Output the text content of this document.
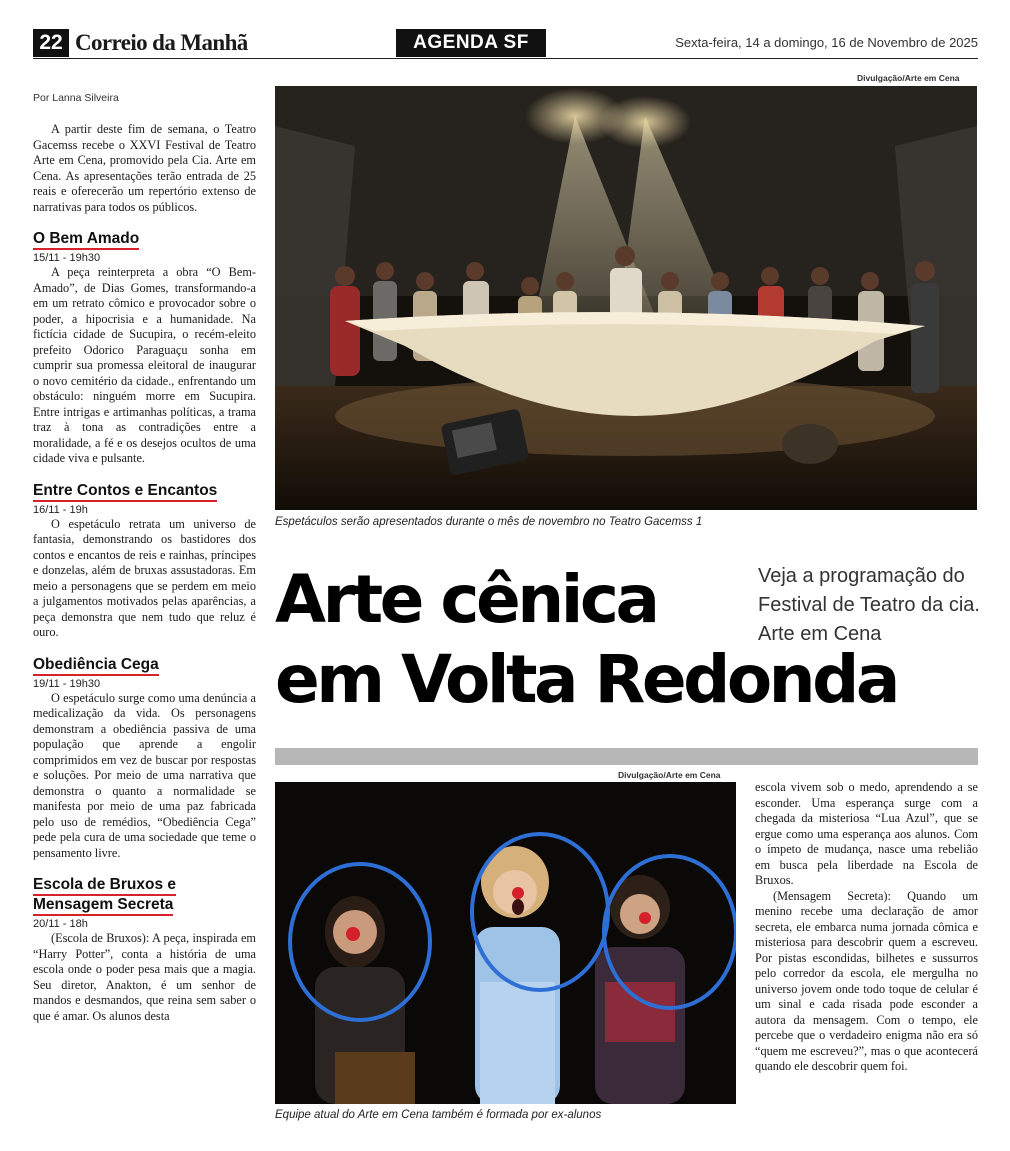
22 Correio da Manhã	AGENDA SF	Sexta-feira, 14 a domingo, 16 de Novembro de 2025
Por Lanna Silveira

A partir deste fim de semana, o Teatro Gacemss recebe o XXVI Festival de Teatro Arte em Cena, promovido pela Cia. Arte em Cena. As apresentações terão entrada de 25 reais e oferecerão um repertório extenso de narrativas para todos os públicos.

O Bem Amado
15/11 - 19h30

A peça reinterpreta a obra “O Bem-Amado”, de Dias Gomes, transformando-a em um retrato cômico e provocador sobre o poder, a hipocrisia e a humanidade. Na fictícia cidade de Sucupira, o recém-eleito prefeito Odorico Paraguaçu sonha em cumprir sua promessa eleitoral de inaugurar o novo cemitério da cidade., enfrentando um obstáculo: ninguém morre em Sucupira. Entre intrigas e artimanhas políticas, a trama traz à tona as contradições entre a moralidade, a fé e os desejos ocultos de uma cidade viva e pulsante.

Entre Contos e Encantos
16/11 - 19h

O espetáculo retrata um universo de fantasia, demonstrando os bastidores dos contos e encantos de reis e rainhas, príncipes e donzelas, além de bruxas assustadoras. Em meio a personagens que se perdem em meio a julgamentos motivados pelas aparências, a peça demonstra que nem tudo que reluz é ouro.

Obediência Cega
19/11 - 19h30

O espetáculo surge como uma denúncia a medicalização da vida. Os personagens demonstram a obediência passiva de uma população que aprende a engolir comprimidos em vez de buscar por respostas e soluções. Por meio de uma narrativa que demonstra o quanto a normalidade se manifesta por meio de uma paz fabricada pelo uso de remédios, “Obediência Cega” pede pela cura de uma sociedade que teme o pensamento livre.

Escola de Bruxos e
Mensagem Secreta
20/11 - 18h

(Escola de Bruxos): A peça, inspirada em “Harry Potter”, conta a história de uma escola onde o poder pesa mais que a magia. Seu diretor, Anakton, é um senhor de mandos e desmandos, que reina sem saber o que é amar. Os alunos desta

Divulgação/Arte em Cena
Espetáculos serão apresentados durante o mês de novembro no Teatro Gacemss 1
Arte cênica
em Volta Redonda
Veja a programação do Festival de Teatro da cia. Arte em Cena
Divulgação/Arte em Cena
Equipe atual do Arte em Cena também é formada por ex-alunos

escola vivem sob o medo, aprendendo a se esconder. Uma esperança surge com a chegada da misteriosa “Lua Azul”, que se ergue como uma esperança aos alunos. Com o ímpeto de mudança, nasce uma rebelião em busca pela liberdade na Escola de Bruxos.

(Mensagem Secreta): Quando um menino recebe uma declaração de amor secreta, ele embarca numa jornada cômica e misteriosa para descobrir quem a escreveu. Por pistas escondidas, bilhetes e sussurros pelo corredor da escola, ele mergulha no universo jovem onde todo toque de celular é um sinal e cada risada pode esconder a autora da mensagem. Com o tempo, ele percebe que o verdadeiro enigma não era só “quem me escreveu?”, mas o que acontecerá quando ele descobrir quem foi.
